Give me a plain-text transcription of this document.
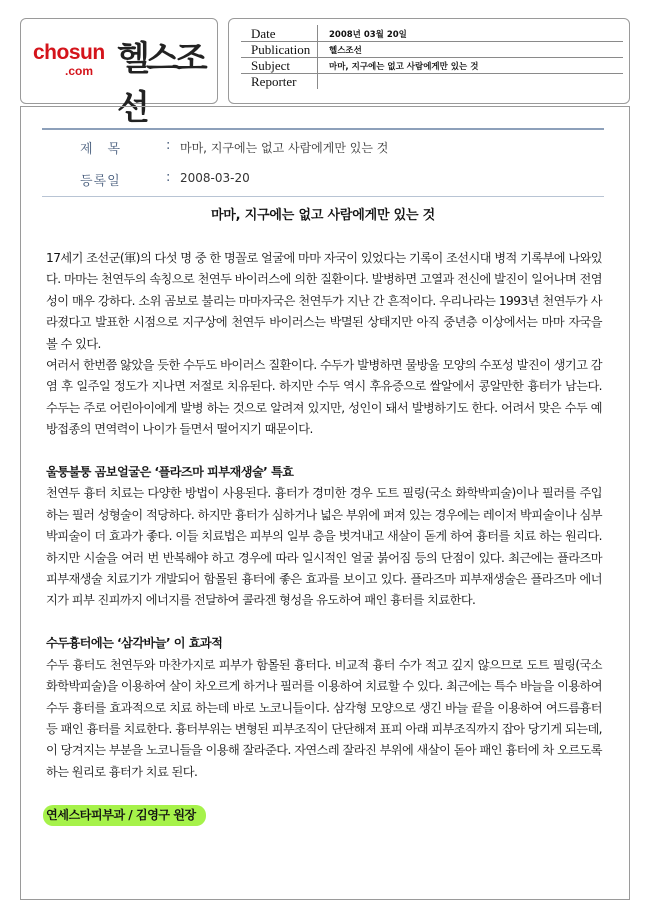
chosun
.com 헬스조선
Date	2008년 03월 20일
Publication 헬스조선
Subject	마마, 지구에는 없고 사람에게만 있는 것
Reporter
제　목	: 마마, 지구에는 없고 사람에게만 있는 것
등록일	: 2008-03-20
마마, 지구에는 없고 사람에게만 있는 것

17세기 조선군(軍)의 다섯 명 중 한 명꼴로 얼굴에 마마 자국이 있었다는 기록이 조선시대 병적 기록부에 나와있다. 마마는 천연두의 속칭으로 천연두 바이러스에 의한 질환이다. 발병하면 고열과 전신에 발진이 일어나며 전염성이 매우 강하다. 소위 곰보로 불리는 마마자국은 천연두가 지난 간 흔적이다. 우리나라는 1993년 천연두가 사라졌다고 발표한 시점으로 지구상에 천연두 바이러스는 박멸된 상태지만 아직 중년층 이상에서는 마마 자국을 볼 수 있다.

여러서 한번쯤 앓았을 듯한 수두도 바이러스 질환이다. 수두가 발병하면 물방울 모양의 수포성 발진이 생기고 감염 후 일주일 정도가 지나면 저절로 치유된다. 하지만 수두 역시 후유증으로 쌀알에서 콩알만한 흉터가 남는다. 수두는 주로 어린아이에게 발병 하는 것으로 알려져 있지만, 성인이 돼서 발병하기도 한다. 어려서 맞은 수두 예방접종의 면역력이 나이가 들면서 떨어지기 때문이다.

울퉁불퉁 곰보얼굴은 ‘플라즈마 피부재생술’ 특효

천연두 흉터 치료는 다양한 방법이 사용된다. 흉터가 경미한 경우 도트 필링(국소 화학박피술)이나 필러를 주입하는 필러 성형술이 적당하다. 하지만 흉터가 심하거나 넓은 부위에 퍼져 있는 경우에는 레이저 박피술이나 심부박피술이 더 효과가 좋다. 이들 치료법은 피부의 일부 층을 벗겨내고 새살이 돋게 하여 흉터를 치료 하는 원리다. 하지만 시술을 여러 번 반복해야 하고 경우에 따라 일시적인 얼굴 붉어짐 등의 단점이 있다. 최근에는 플라즈마 피부재생술 치료기가 개발되어 함몰된 흉터에 좋은 효과를 보이고 있다. 플라즈마 피부재생술은 플라즈마 에너지가 피부 진피까지 에너지를 전달하여 콜라겐 형성을 유도하여 패인 흉터를 치료한다.

수두흉터에는 ‘삼각바늘’ 이 효과적

수두 흉터도 천연두와 마찬가지로 피부가 함몰된 흉터다. 비교적 흉터 수가 적고 깊지 않으므로 도트 필링(국소 화학박피술)을 이용하여 살이 차오르게 하거나 필러를 이용하여 치료할 수 있다. 최근에는 특수 바늘을 이용하여 수두 흉터를 효과적으로 치료 하는데 바로 노코니들이다. 삼각형 모양으로 생긴 바늘 끝을 이용하여 여드름흉터 등 패인 흉터를 치료한다. 흉터부위는 변형된 피부조직이 단단해져 표피 아래 피부조직까지 잡아 당기게 되는데, 이 당겨지는 부분을 노코니들을 이용해 잘라준다. 자연스레 잘라진 부위에 새살이 돋아 패인 흉터에 차 오르도록 하는 원리로 흉터가 치료 된다.

연세스타피부과 / 김영구 원장
